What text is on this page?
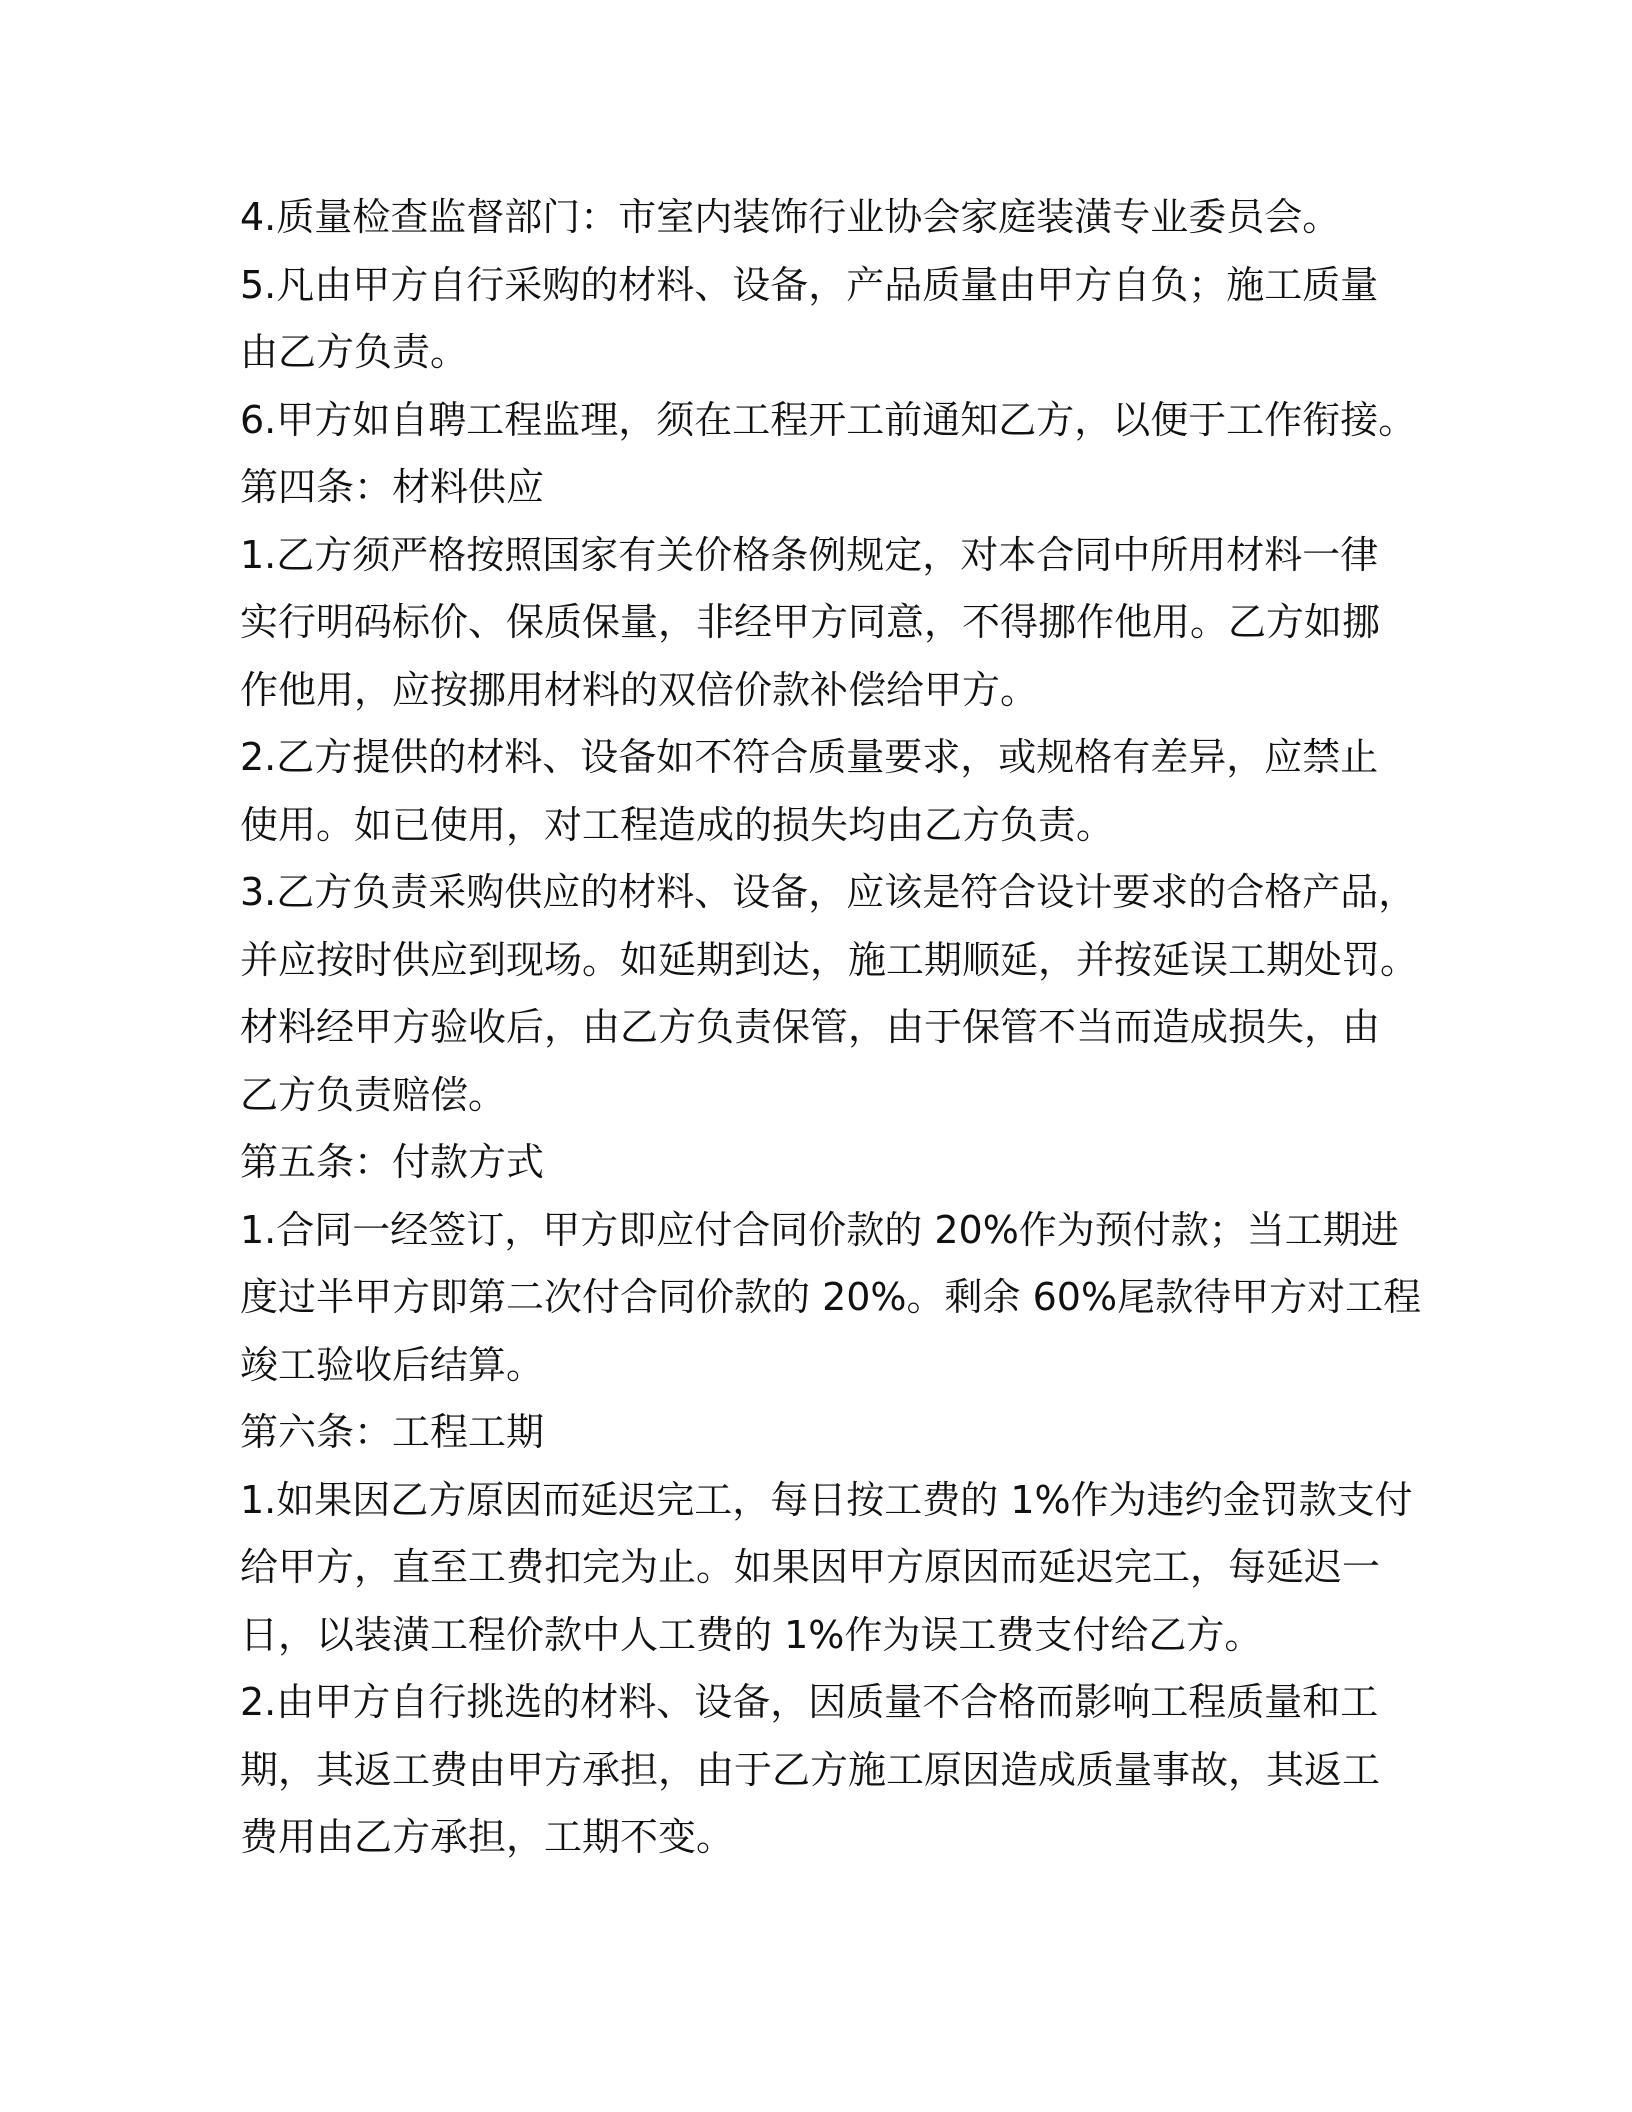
4.质量检查监督部门：市室内装饰行业协会家庭装潢专业委员会。

5.凡由甲方自行采购的材料、设备，产品质量由甲方自负；施工质量
由乙方负责。

6.甲方如自聘工程监理，须在工程开工前通知乙方，以便于工作衔接。

第四条：材料供应

1.乙方须严格按照国家有关价格条例规定，对本合同中所用材料一律
实行明码标价、保质保量，非经甲方同意，不得挪作他用。乙方如挪
作他用，应按挪用材料的双倍价款补偿给甲方。

2.乙方提供的材料、设备如不符合质量要求，或规格有差异，应禁止
使用。如已使用，对工程造成的损失均由乙方负责。

3.乙方负责采购供应的材料、设备，应该是符合设计要求的合格产品，
并应按时供应到现场。如延期到达，施工期顺延，并按延误工期处罚。
材料经甲方验收后，由乙方负责保管，由于保管不当而造成损失，由
乙方负责赔偿。

第五条：付款方式

1.合同一经签订，甲方即应付合同价款的 20%作为预付款；当工期进
度过半甲方即第二次付合同价款的 20%。剩余 60%尾款待甲方对工程
竣工验收后结算。

第六条：工程工期

1.如果因乙方原因而延迟完工，每日按工费的 1%作为违约金罚款支付
给甲方，直至工费扣完为止。如果因甲方原因而延迟完工，每延迟一
日，以装潢工程价款中人工费的 1%作为误工费支付给乙方。

2.由甲方自行挑选的材料、设备，因质量不合格而影响工程质量和工
期，其返工费由甲方承担，由于乙方施工原因造成质量事故，其返工
费用由乙方承担，工期不变。
